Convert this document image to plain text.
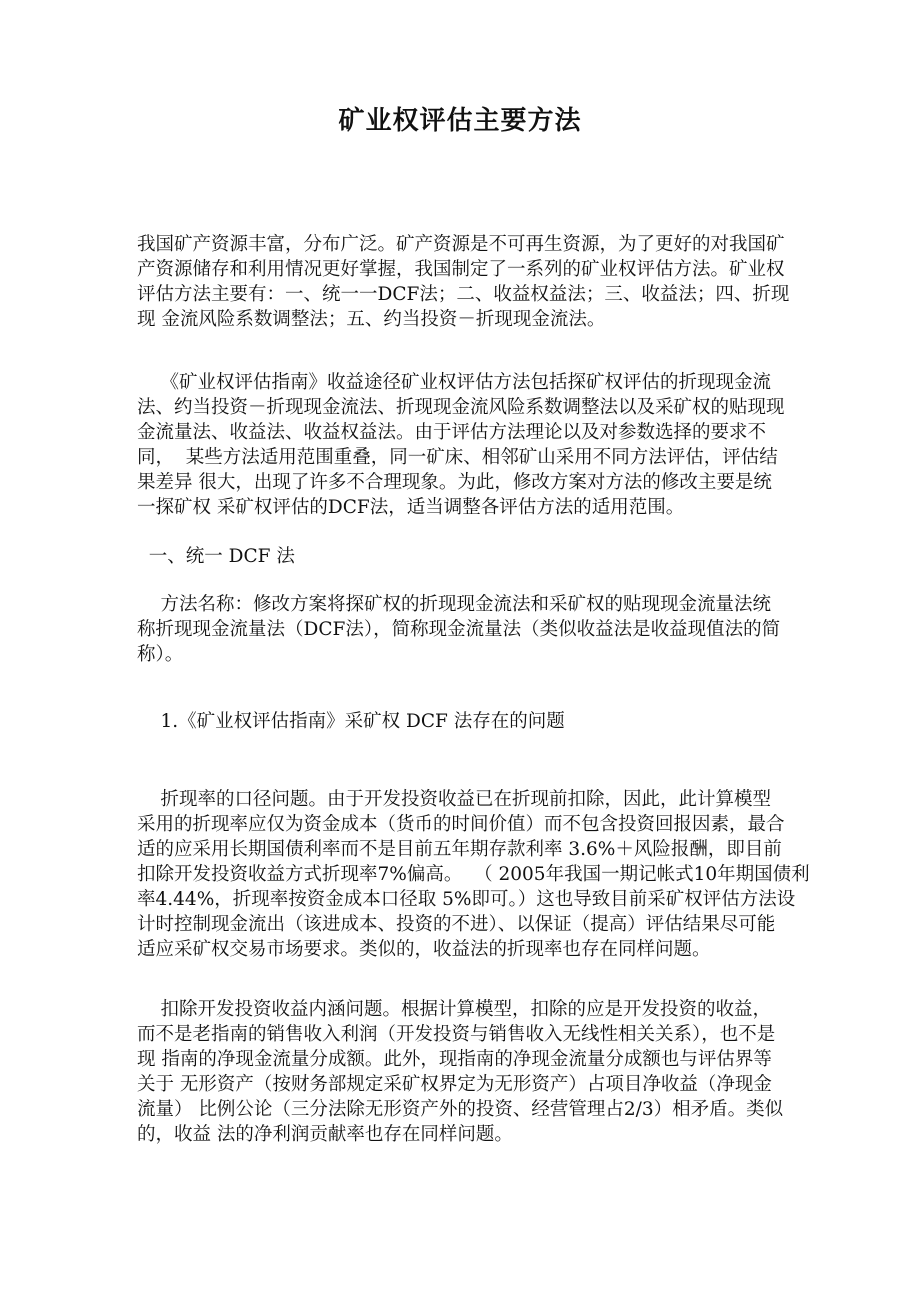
矿业权评估主要方法
我国矿产资源丰富，分布广泛。矿产资源是不可再生资源，为了更好的对我国矿
产资源储存和利用情况更好掌握，我国制定了一系列的矿业权评估方法。矿业权
评估方法主要有：一、统一一DCF法；二、收益权益法；三、收益法；四、折现
现 金流风险系数调整法；五、约当投资－折现现金流法。
《矿业权评估指南》收益途径矿业权评估方法包括探矿权评估的折现现金流
法、约当投资－折现现金流法、折现现金流风险系数调整法以及采矿权的贴现现
金流量法、收益法、收益权益法。由于评估方法理论以及对参数选择的要求不
同，  某些方法适用范围重叠，同一矿床、相邻矿山采用不同方法评估，评估结
果差异 很大，出现了许多不合理现象。为此，修改方案对方法的修改主要是统
一探矿权 采矿权评估的DCF法，适当调整各评估方法的适用范围。
一、统一 DCF 法
方法名称：修改方案将探矿权的折现现金流法和采矿权的贴现现金流量法统
称折现现金流量法（DCF法），简称现金流量法（类似收益法是收益现值法的简
称）。
1.《矿业权评估指南》采矿权 DCF 法存在的问题
折现率的口径问题。由于开发投资收益已在折现前扣除，因此，此计算模型
采用的折现率应仅为资金成本（货币的时间价值）而不包含投资回报因素，最合
适的应采用长期国债利率而不是目前五年期存款利率 3.6%＋风险报酬，即目前
扣除开发投资收益方式折现率7%偏高。  （ 2005年我国一期记帐式10年期国债利
率4.44%，折现率按资金成本口径取 5%即可。）这也导致目前采矿权评估方法设
计时控制现金流出（该进成本、投资的不进）、以保证（提高）评估结果尽可能
适应采矿权交易市场要求。类似的，收益法的折现率也存在同样问题。
扣除开发投资收益内涵问题。根据计算模型，扣除的应是开发投资的收益，
而不是老指南的销售收入利润（开发投资与销售收入无线性相关关系），也不是
现 指南的净现金流量分成额。此外，现指南的净现金流量分成额也与评估界等
关于 无形资产（按财务部规定采矿权界定为无形资产）占项目净收益（净现金
流量） 比例公论（三分法除无形资产外的投资、经营管理占2/3）相矛盾。类似
的，收益 法的净利润贡献率也存在同样问题。
